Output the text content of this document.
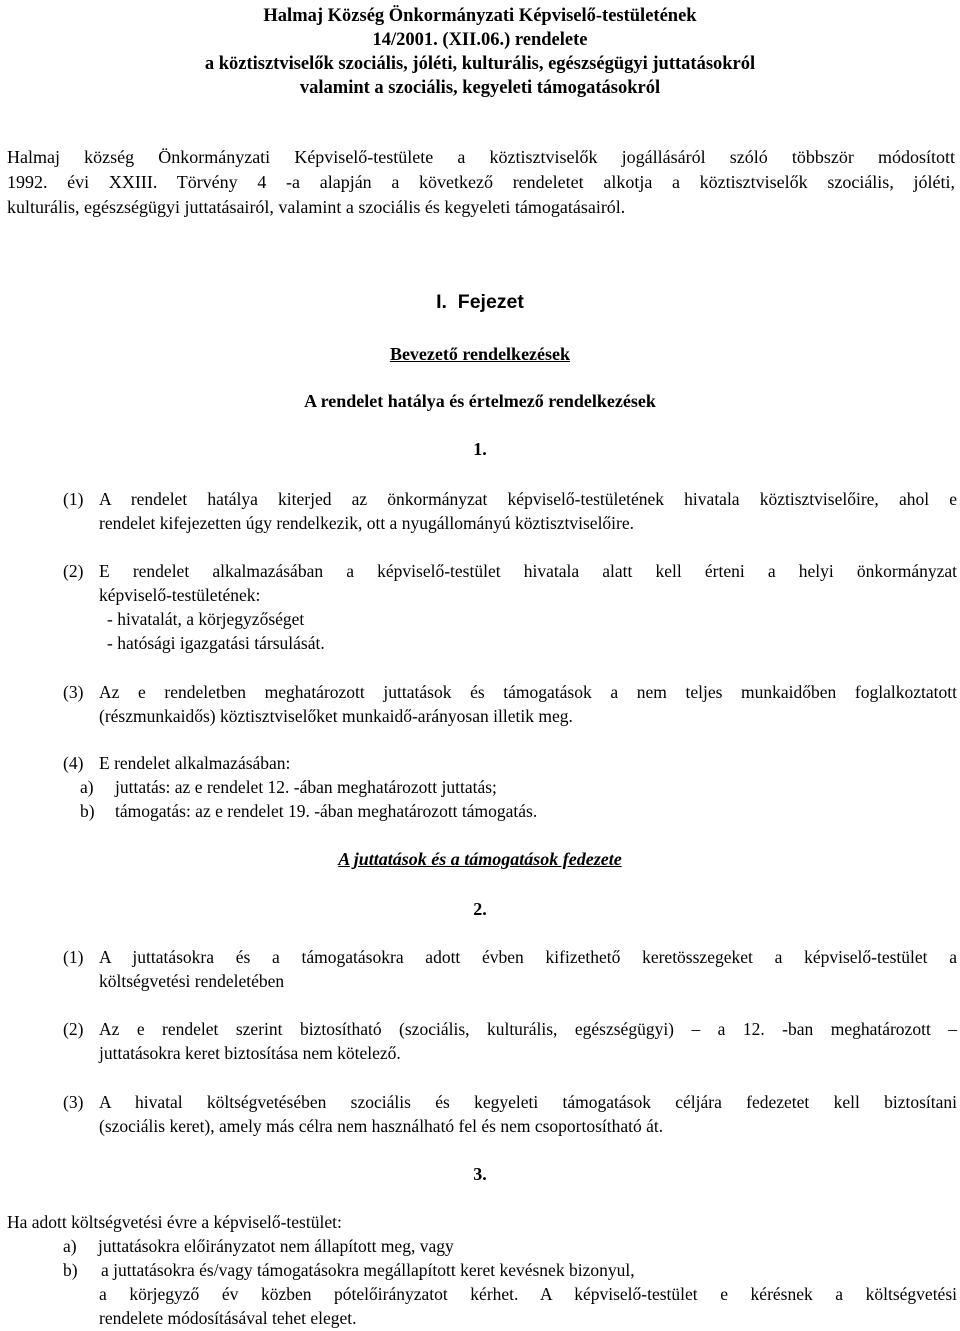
Halmaj Község Önkormányzati Képviselő-testületének
14/2001. (XII.06.) rendelete
a köztisztviselők szociális, jóléti, kulturális, egészségügyi juttatásokról
valamint a szociális, kegyeleti támogatásokról
Halmaj község Önkormányzati Képviselő-testülete a köztisztviselők jogállásáról szóló többször módosított
1992. évi XXIII. Törvény 4 -a alapján a következő rendeletet alkotja a köztisztviselők szociális, jóléti,
kulturális, egészségügyi juttatásairól, valamint a szociális és kegyeleti támogatásairól.
I.  Fejezet
Bevezető rendelkezések
A rendelet hatálya és értelmező rendelkezések
1.
(1) A rendelet hatálya kiterjed az önkormányzat képviselő-testületének hivatala köztisztviselőire, ahol e
rendelet kifejezetten úgy rendelkezik, ott a nyugállományú köztisztviselőire.
(2) E rendelet alkalmazásában a képviselő-testület hivatala alatt kell érteni a helyi önkormányzat
képviselő-testületének:
- hivatalát, a körjegyzőséget
- hatósági igazgatási társulását.
(3) Az e rendeletben meghatározott juttatások és támogatások a nem teljes munkaidőben foglalkoztatott
(részmunkaidős) köztisztviselőket munkaidő-arányosan illetik meg.
(4) E rendelet alkalmazásában:
a) juttatás: az e rendelet 12. -ában meghatározott juttatás;
b) támogatás: az e rendelet 19. -ában meghatározott támogatás.
A juttatások és a támogatások fedezete
2.
(1) A juttatásokra és a támogatásokra adott évben kifizethető keretösszegeket a képviselő-testület a
költségvetési rendeletében
(2) Az e rendelet szerint biztosítható (szociális, kulturális, egészségügyi) – a 12. -ban meghatározott –
juttatásokra keret biztosítása nem kötelező.
(3) A hivatal költségvetésében szociális és kegyeleti támogatások céljára fedezetet kell biztosítani
(szociális keret), amely más célra nem használható fel és nem csoportosítható át.
3.
Ha adott költségvetési évre a képviselő-testület:
a) juttatásokra előirányzatot nem állapított meg, vagy
b) a juttatásokra és/vagy támogatásokra megállapított keret kevésnek bizonyul,
a körjegyző év közben pótelőirányzatot kérhet. A képviselő-testület e kérésnek a költségvetési
rendelete módosításával tehet eleget.
